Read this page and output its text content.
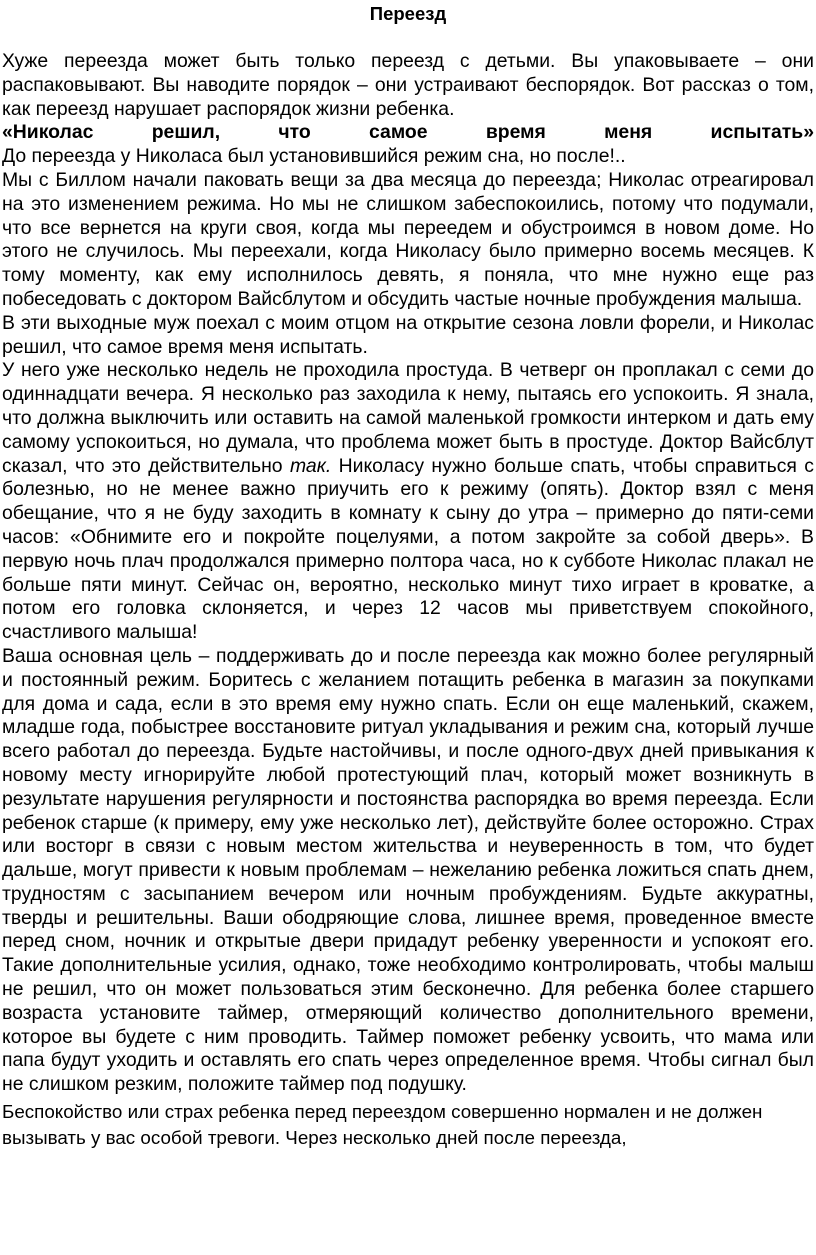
Переезд

Хуже переезда может быть только переезд с детьми. Вы упаковываете – они распаковывают. Вы наводите порядок – они устраивают беспорядок. Вот рассказ о том, как переезд нарушает распорядок жизни ребенка.

«Николас решил, что самое время меня испытать»

До переезда у Николаса был установившийся режим сна, но после!..

Мы с Биллом начали паковать вещи за два месяца до переезда; Николас отреагировал на это изменением режима. Но мы не слишком забеспокоились, потому что подумали, что все вернется на круги своя, когда мы переедем и обустроимся в новом доме. Но этого не случилось. Мы переехали, когда Николасу было примерно восемь месяцев. К тому моменту, как ему исполнилось девять, я поняла, что мне нужно еще раз побеседовать с доктором Вайсблутом и обсудить частые ночные пробуждения малыша.

В эти выходные муж поехал с моим отцом на открытие сезона ловли форели, и Николас решил, что самое время меня испытать.

У него уже несколько недель не проходила простуда. В четверг он проплакал с семи до одиннадцати вечера. Я несколько раз заходила к нему, пытаясь его успокоить. Я знала, что должна выключить или оставить на самой маленькой громкости интерком и дать ему самому успокоиться, но думала, что проблема может быть в простуде. Доктор Вайсблут сказал, что это действительно так. Николасу нужно больше спать, чтобы справиться с болезнью, но не менее важно приучить его к режиму (опять). Доктор взял с меня обещание, что я не буду заходить в комнату к сыну до утра – примерно до пяти-семи часов: «Обнимите его и покройте поцелуями, а потом закройте за собой дверь». В первую ночь плач продолжался примерно полтора часа, но к субботе Николас плакал не больше пяти минут. Сейчас он, вероятно, несколько минут тихо играет в кроватке, а потом его головка склоняется, и через 12 часов мы приветствуем спокойного, счастливого малыша!

Ваша основная цель – поддерживать до и после переезда как можно более регулярный и постоянный режим. Боритесь с желанием потащить ребенка в магазин за покупками для дома и сада, если в это время ему нужно спать. Если он еще маленький, скажем, младше года, побыстрее восстановите ритуал укладывания и режим сна, который лучше всего работал до переезда. Будьте настойчивы, и после одного-двух дней привыкания к новому месту игнорируйте любой протестующий плач, который может возникнуть в результате нарушения регулярности и постоянства распорядка во время переезда. Если ребенок старше (к примеру, ему уже несколько лет), действуйте более осторожно. Страх или восторг в связи с новым местом жительства и неуверенность в том, что будет дальше, могут привести к новым проблемам – нежеланию ребенка ложиться спать днем, трудностям с засыпанием вечером или ночным пробуждениям. Будьте аккуратны, тверды и решительны. Ваши ободряющие слова, лишнее время, проведенное вместе перед сном, ночник и открытые двери придадут ребенку уверенности и успокоят его. Такие дополнительные усилия, однако, тоже необходимо контролировать, чтобы малыш не решил, что он может пользоваться этим бесконечно. Для ребенка более старшего возраста установите таймер, отмеряющий количество дополнительного времени, которое вы будете с ним проводить. Таймер поможет ребенку усвоить, что мама или папа будут уходить и оставлять его спать через определенное время. Чтобы сигнал был не слишком резким, положите таймер под подушку.

Беспокойство или страх ребенка перед переездом совершенно нормален и не должен вызывать у вас особой тревоги. Через несколько дней после переезда,
